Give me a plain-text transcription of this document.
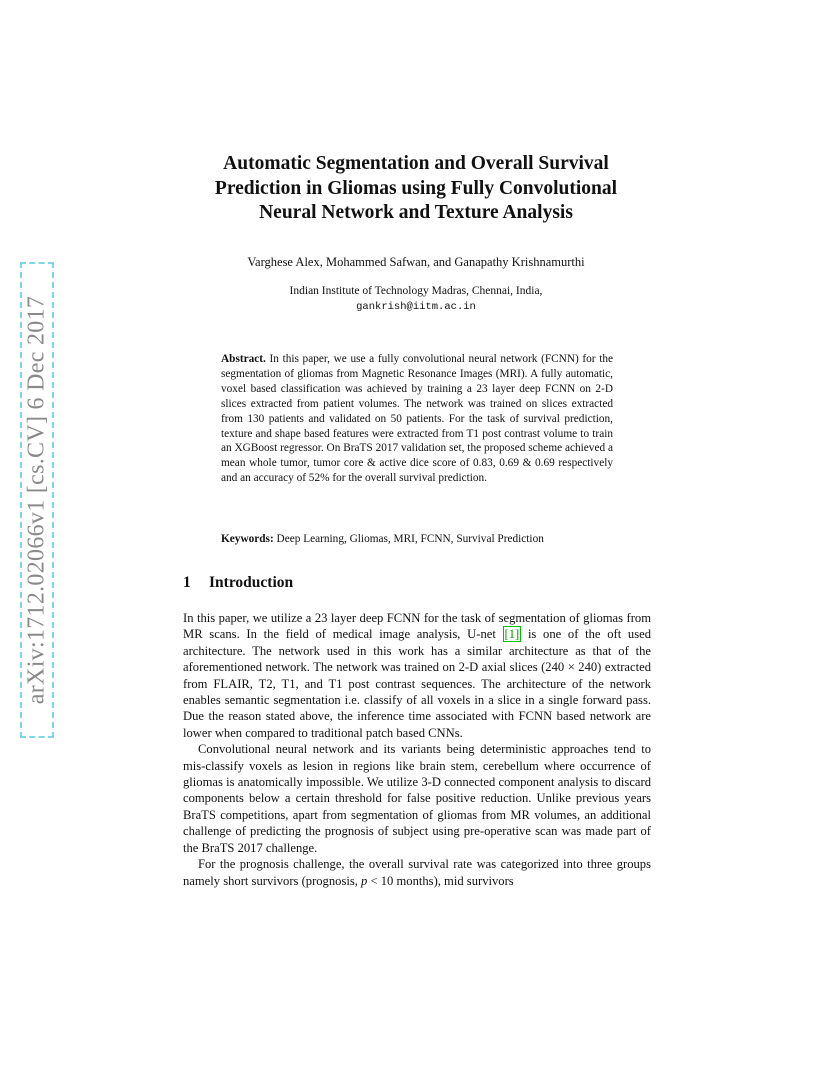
arXiv:1712.02066v1 [cs.CV] 6 Dec 2017
Automatic Segmentation and Overall Survival
Prediction in Gliomas using Fully Convolutional
Neural Network and Texture Analysis
Varghese Alex, Mohammed Safwan, and Ganapathy Krishnamurthi
Indian Institute of Technology Madras, Chennai, India,
gankrish@iitm.ac.in

Abstract. In this paper, we use a fully convolutional neural network (FCNN) for the segmentation of gliomas from Magnetic Resonance Images (MRI). A fully automatic, voxel based classification was achieved by training a 23 layer deep FCNN on 2-D slices extracted from patient volumes. The network was trained on slices extracted from 130 patients and validated on 50 patients. For the task of survival prediction, texture and shape based features were extracted from T1 post contrast volume to train an XGBoost regressor. On BraTS 2017 validation set, the proposed scheme achieved a mean whole tumor, tumor core & active dice score of 0.83, 0.69 & 0.69 respectively and an accuracy of 52% for the overall survival prediction.

Keywords: Deep Learning, Gliomas, MRI, FCNN, Survival Prediction
1 Introduction

In this paper, we utilize a 23 layer deep FCNN for the task of segmentation of gliomas from MR scans. In the field of medical image analysis, U-net [1] is one of the oft used architecture. The network used in this work has a similar architecture as that of the aforementioned network. The network was trained on 2-D axial slices (240 × 240) extracted from FLAIR, T2, T1, and T1 post contrast sequences. The architecture of the network enables semantic segmentation i.e. classify of all voxels in a slice in a single forward pass. Due the reason stated above, the inference time associated with FCNN based network are lower when compared to traditional patch based CNNs.

Convolutional neural network and its variants being deterministic approaches tend to mis-classify voxels as lesion in regions like brain stem, cerebellum where occurrence of gliomas is anatomically impossible. We utilize 3-D connected component analysis to discard components below a certain threshold for false positive reduction. Unlike previous years BraTS competitions, apart from segmentation of gliomas from MR volumes, an additional challenge of predicting the prognosis of subject using pre-operative scan was made part of the BraTS 2017 challenge.

For the prognosis challenge, the overall survival rate was categorized into three groups namely short survivors (prognosis, p < 10 months), mid survivors
